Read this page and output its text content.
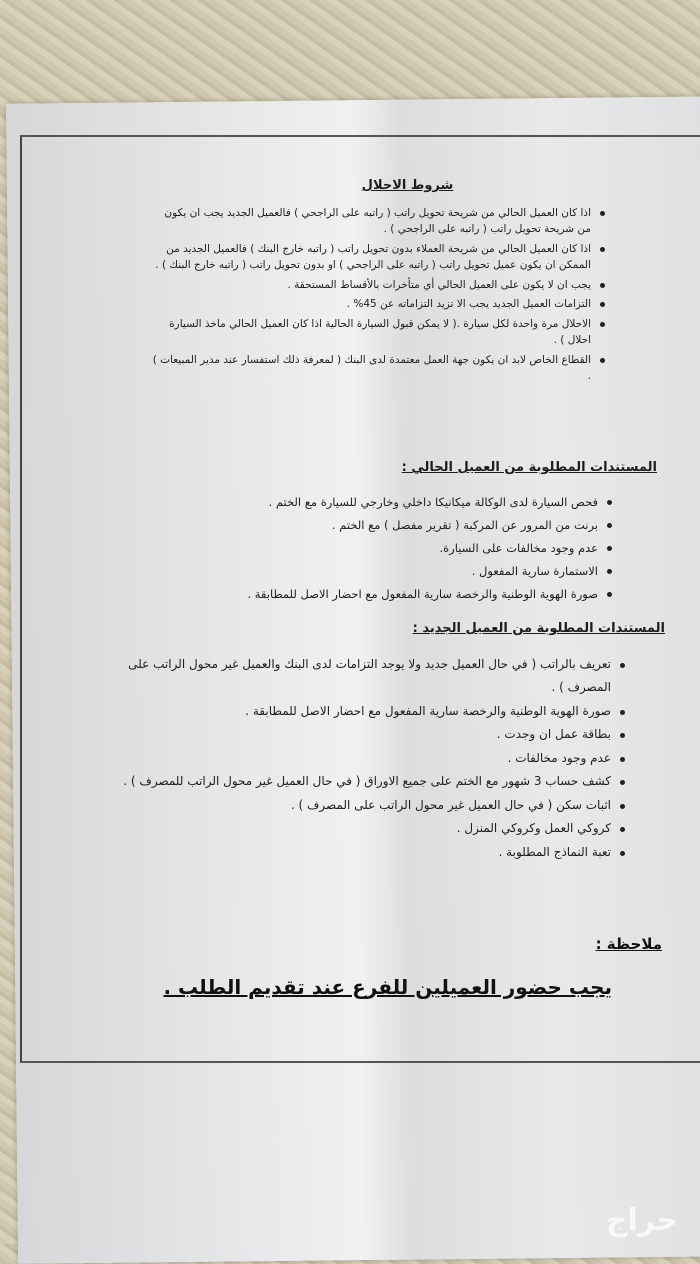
شروط الاحلال
اذا كان العميل الحالي من شريحة تحويل راتب ( راتبه على الراجحي ) فالعميل الجديد يجب ان يكون من شريحة تحويل راتب ( راتبه على الراجحي ) .
اذا كان العميل الحالي من شريحة العملاء بدون تحويل راتب ( راتبه خارج البنك ) فالعميل الجديد من الممكن ان يكون عميل تحويل راتب ( راتبه على الراجحي ) او بدون تحويل راتب ( راتبه خارج البنك ) .
يجب ان لا يكون على العميل الحالي أي متأخرات بالأقساط المستحقة .
التزامات العميل الجديد يجب الا تزيد التزاماته عن 45% .
الاحلال مرة واحدة لكل سيارة .( لا يمكن قبول السيارة الحالية اذا كان العميل الحالي ماخذ السيارة احلال ) .
القطاع الخاص لابد ان يكون جهة العمل معتمدة لدى البنك ( لمعرفة ذلك استفسار عند مدير المبيعات ) .
المستندات المطلوبة من العميل الحالي :
فحص السيارة لدى الوكالة ميكانيكا داخلي وخارجي للسيارة مع الختم .
برنت من المرور عن المركبة ( تقرير مفصل ) مع الختم .
عدم وجود مخالفات على السيارة.
الاستمارة سارية المفعول .
صورة الهوية الوطنية والرخصة سارية المفعول مع احضار الاصل للمطابقة .
المستندات المطلوبة من العميل الجديد :
تعريف بالراتب ( في حال العميل جديد ولا يوجد التزامات لدى البنك والعميل غير محول الراتب على المصرف ) .
صورة الهوية الوطنية والرخصة سارية المفعول مع احضار الاصل للمطابقة .
بطاقة عمل ان وجدت .
عدم وجود مخالفات .
كشف حساب 3 شهور مع الختم على جميع الاوراق ( في حال العميل غير محول الراتب للمصرف ) .
اثبات سكن ( في حال العميل غير محول الراتب على المصرف ) .
كروكي العمل وكروكي المنزل .
تعبة النماذج المطلوبة .
ملاحظة :
يجب حضور العميلين للفرع عند تقديم الطلب .
حراج
